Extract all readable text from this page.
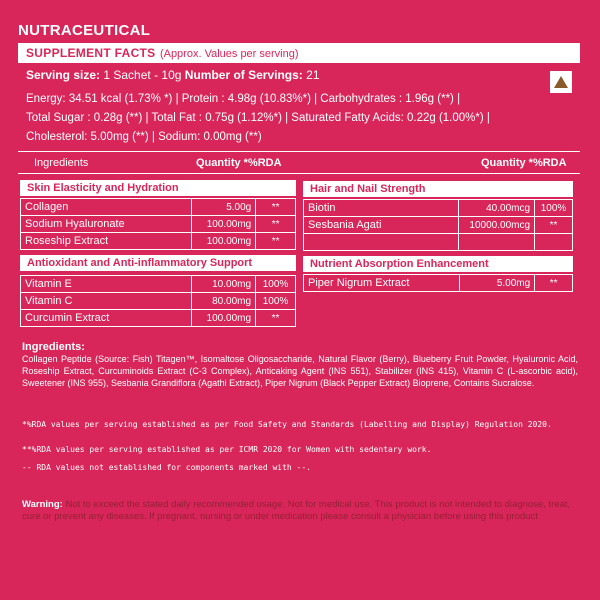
NUTRACEUTICAL
SUPPLEMENT FACTS (Approx. Values per serving)
Serving size: 1 Sachet - 10g Number of Servings: 21
Energy: 34.51 kcal (1.73% *) | Protein : 4.98g (10.83%*) | Carbohydrates : 1.96g (**) |
Total Sugar : 0.28g (**) | Total Fat : 0.75g (1.12%*) | Saturated Fatty Acids: 0.22g (1.00%*) |
Cholesterol: 5.00mg (**) | Sodium: 0.00mg (**)
Ingredients	Quantity *%RDA	Quantity *%RDA
Skin Elasticity and Hydration
Collagen	5.00g	**
Sodium Hyaluronate	100.00mg	**
Roseship Extract	100.00mg	**
Antioxidant and Anti-inflammatory Support
Vitamin E	10.00mg	100%
Vitamin C	80.00mg	100%
Curcumin Extract	100.00mg	**
Hair and Nail Strength
Biotin	40.00mcg	100%
Sesbania Agati	10000.00mcg	**

Nutrient Absorption Enhancement
Piper Nigrum Extract	5.00mg	**
Ingredients:
Collagen Peptide (Source: Fish) Titagen™, Isomaltose Oligosaccharide, Natural Flavor (Berry), Blueberry Fruit Powder, Hyaluronic Acid, Roseship Extract, Curcuminoids Extract (C-3 Complex), Anticaking Agent (INS 551), Stabilizer (INS 415), Vitamin C (L-ascorbic acid), Sweetener (INS 955), Sesbania Grandiflora (Agathi Extract), Piper Nigrum (Black Pepper Extract) Bioprene, Contains Sucralose.
*%RDA values per serving established as per Food Safety and Standards (Labelling and Display) Regulation 2020.
**%RDA values per serving established as per ICMR 2020 for Women with sedentary work.
-- RDA values not established for components marked with --.
Warning: Not to exceed the stated daily recommended usage. Not for medical use. This product is not intended to diagnose, treat, cure or prevent any diseases. If pregnant, nursing or under medication please consult a physician before using this product
